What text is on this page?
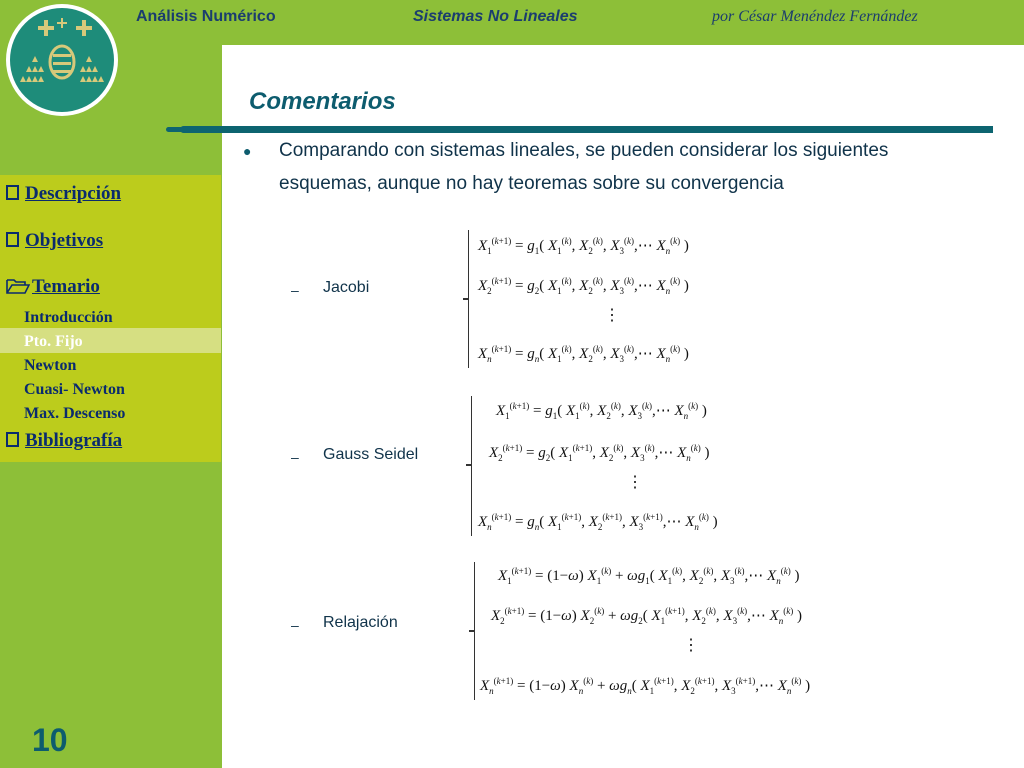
Análisis Numérico	Sistemas No Lineales	por César Menéndez Fernández
Comentarios
Descripción
Objetivos
Temario
Introducción
Pto. Fijo
Newton
Cuasi- Newton
Max. Descenso
Bibliografía
10
● Comparando con sistemas lineales, se pueden considerar los siguientes esquemas, aunque no hay teoremas sobre su convergencia
– Jacobi
– Gauss Seidel
– Relajación
$X_1^{(k+1)} = g_1$( $X_1^{(k)}$, $X_2^{(k)}$, $X_3^{(k)},\cdots$ $X_n^{(k)}$ )
$X_2^{(k+1)} = g_2$( $X_1^{(k)}$, $X_2^{(k)}$, $X_3^{(k)},\cdots$ $X_n^{(k)}$ )
⋮
$X_n^{(k+1)} = g_n$( $X_1^{(k)}$, $X_2^{(k)}$, $X_3^{(k)},\cdots$ $X_n^{(k)}$ )
$X_1^{(k+1)} = g_1$( $X_1^{(k)}$, $X_2^{(k)}$, $X_3^{(k)},\cdots$ $X_n^{(k)}$ )
$X_2^{(k+1)} = g_2$( $X_1^{(k+1)}$, $X_2^{(k)}$, $X_3^{(k)},\cdots$ $X_n^{(k)}$ )
⋮
$X_n^{(k+1)} = g_n$( $X_1^{(k+1)}$, $X_2^{(k+1)}$, $X_3^{(k+1)},\cdots$ $X_n^{(k)}$ )
$X_1^{(k+1)} = (1-\omega) X_1^{(k)} + \omega g_1$( $X_1^{(k)}$, $X_2^{(k)}$, $X_3^{(k)},\cdots$ $X_n^{(k)}$ )
$X_2^{(k+1)} = (1-\omega) X_2^{(k)} + \omega g_2$( $X_1^{(k+1)}$, $X_2^{(k)}$, $X_3^{(k)},\cdots$ $X_n^{(k)}$ )
⋮
$X_n^{(k+1)} = (1-\omega) X_n^{(k)} + \omega g_n$( $X_1^{(k+1)}$, $X_2^{(k+1)}$, $X_3^{(k+1)},\cdots$ $X_n^{(k)}$ )
